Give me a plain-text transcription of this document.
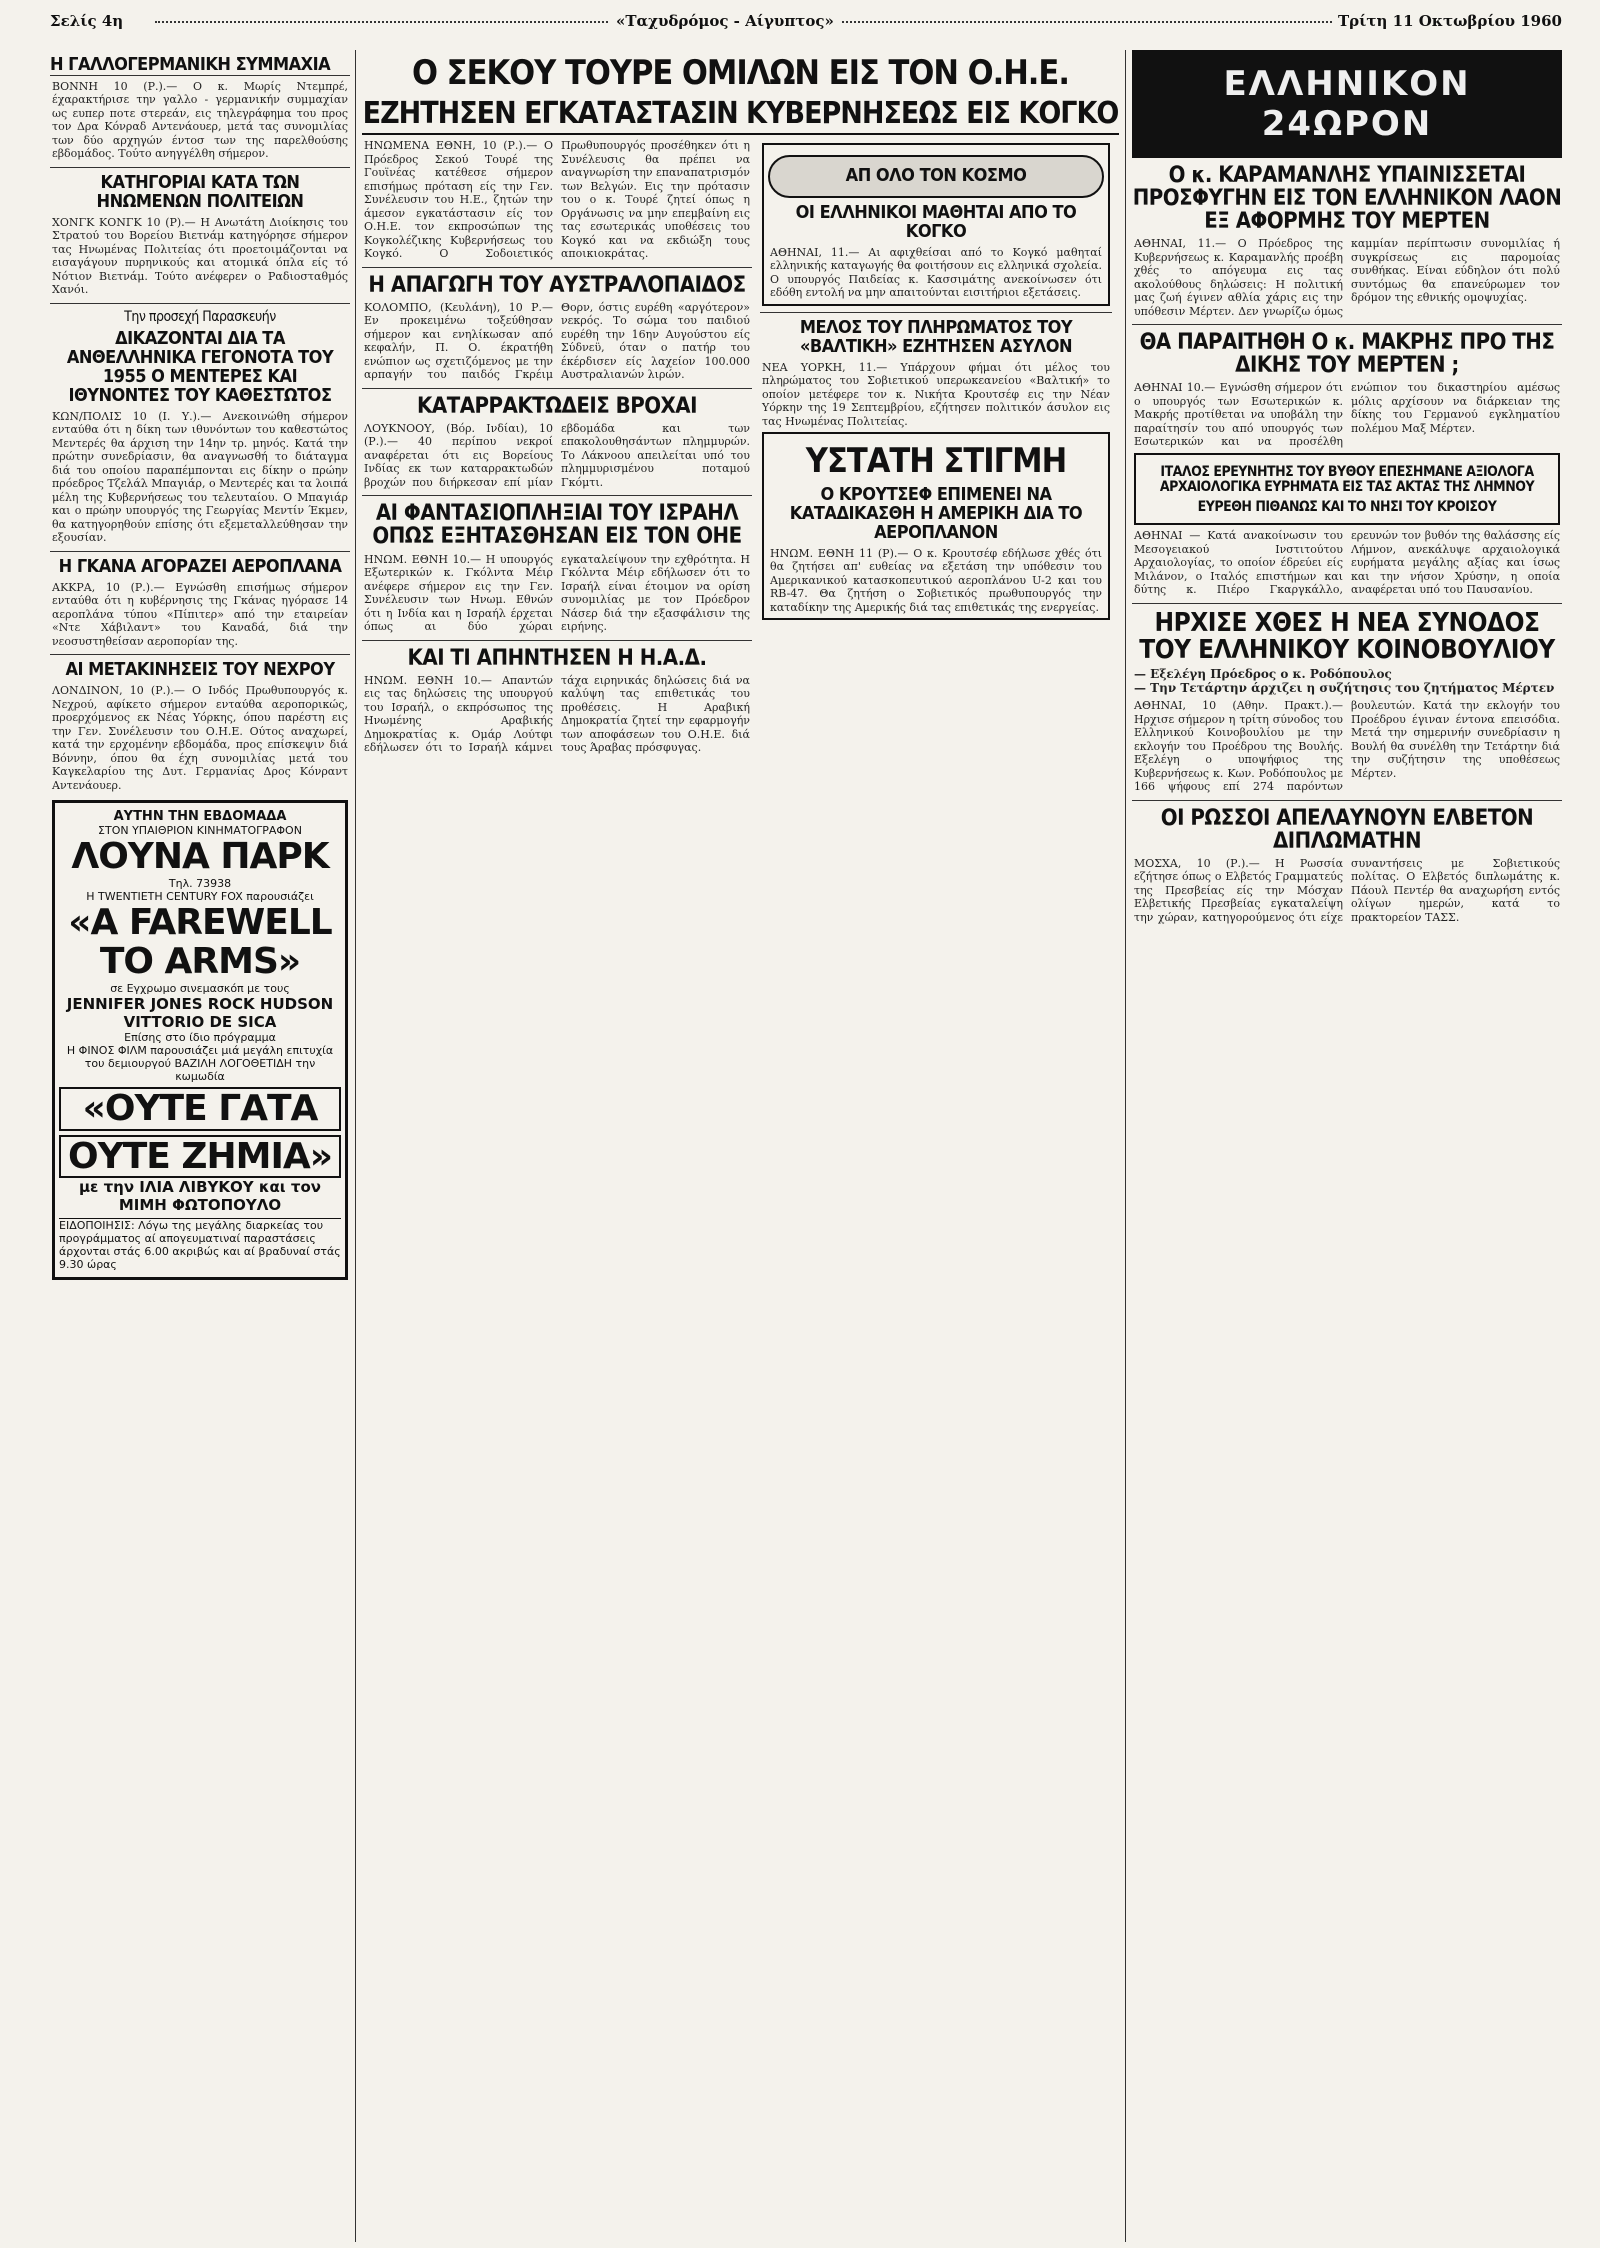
Σελίς 4η	«Ταχυδρόμος - Αίγυπτος»	Τρίτη 11 Οκτωβρίου 1960
Η ΓΑΛΛΟΓΕΡΜΑΝΙΚΗ ΣΥΜΜΑΧΙΑ

ΒΟΝΝΗ 10 (Ρ.).— Ο κ. Μωρίς Ντεμπρέ, έχαρακτήρισε την γαλλο - γερμανικήν συμμαχίαν ως ευπερ ποτε στερεάν, εις τηλεγράφημα του προς τον Δρα Κόνραδ Αντενάουερ, μετά τας συνομιλίας των δύο αρχηγών έντοσ των της παρελθούσης εβδομάδος. Τούτο ανηγγέλθη σήμερον.

ΚΑΤΗΓΟΡΙΑΙ ΚΑΤΑ ΤΩΝ ΗΝΩΜΕΝΩΝ ΠΟΛΙΤΕΙΩΝ

ΧΟΝΓΚ ΚΟΝΓΚ 10 (Ρ).— Η Ανωτάτη Διοίκησις του Στρατού του Βορείου Βιετνάμ κατηγόρησε σήμερον τας Ηνωμένας Πολιτείας ότι προετοιμάζονται να εισαγάγουν πυρηνικούς και ατομικά όπλα είς τό Νότιον Βιετνάμ. Τούτο ανέφερεν ο Ραδιοσταθμός Χανόι.

Την προσεχή Παρασκευήν
ΔΙΚΑΖΟΝΤΑΙ ΔΙΑ ΤΑ ΑΝΘΕΛΛΗΝΙΚΑ ΓΕΓΟΝΟΤΑ ΤΟΥ 1955 Ο ΜΕΝΤΕΡΕΣ ΚΑΙ ΙΘΥΝΟΝΤΕΣ ΤΟΥ ΚΑΘΕΣΤΩΤΟΣ

ΚΩΝ/ΠΟΛΙΣ 10 (Ι. Υ.).— Ανεκοινώθη σήμερον ενταύθα ότι η δίκη των ιθυνόντων του καθεστώτος Μεντερές θα άρχιση την 14ην τρ. μηνός. Κατά την πρώτην συνεδρίασιν, θα αναγνωσθή το διάταγμα διά του οποίου παραπέμπονται εις δίκην ο πρώην πρόεδρος Τζελάλ Μπαγιάρ, ο Μεντερές και τα λοιπά μέλη της Κυβερνήσεως του τελευταίου. Ο Μπαγιάρ και ο πρώην υπουργός της Γεωργίας Μεντίν Έκμεν, θα κατηγορηθούν επίσης ότι εξεμεταλλεύθησαν την εξουσίαν.

Η ΓΚΑΝΑ ΑΓΟΡΑΖΕΙ ΑΕΡΟΠΛΑΝΑ

ΑΚΚΡΑ, 10 (Ρ.).— Εγνώσθη επισήμως σήμερον ενταύθα ότι η κυβέρνησις της Γκάνας ηγόρασε 14 αεροπλάνα τύπου «Πίπιτερ» από την εταιρείαν «Ντε Χάβιλαντ» του Καναδά, διά την νεοσυστηθείσαν αεροπορίαν της.

ΑΙ ΜΕΤΑΚΙΝΗΣΕΙΣ ΤΟΥ ΝΕΧΡΟΥ

ΛΟΝΔΙΝΟΝ, 10 (Ρ.).— Ο Ινδός Πρωθυπουργός κ. Νεχρού, αφίκετο σήμερον ενταύθα αεροπορικώς, προερχόμενος εκ Νέας Υόρκης, όπου παρέστη εις την Γεν. Συνέλευσιν του Ο.Η.Ε. Ούτος αναχωρεί, κατά την ερχομένην εβδομάδα, προς επίσκεψιν διά Βόννην, όπου θα έχη συνομιλίας μετά του Καγκελαρίου της Δυτ. Γερμανίας Δρος Κόνραντ Αντενάουερ.

ΑΥΤΗΝ ΤΗΝ ΕΒΔΟΜΑΔΑ
ΣΤΟΝ ΥΠΑΙΘΡΙΟΝ ΚΙΝΗΜΑΤΟΓΡΑΦΟΝ
ΛΟΥΝΑ ΠΑΡΚ
Τηλ. 73938
Η TWENTIETH CENTURY FOX παρουσιάζει
«A FAREWELL
TO ARMS»
σε Εγχρωμο σινεμασκόπ με τους
JENNIFER JONES ROCK HUDSON VITTORIO DE SICA
Επίσης στο ίδιο πρόγραμμα
Η ΦΙΝΟΣ ΦΙΛΜ παρουσιάζει μιά μεγάλη επιτυχία του δεμιουργού ΒΑΖΙΛΗ ΛΟΓΟΘΕΤΙΔΗ την κωμωδία
«ΟΥΤΕ ΓΑΤΑ
ΟΥΤΕ ΖΗΜΙΑ»
με την ΙΛΙΑ ΛΙΒΥΚΟΥ και τον ΜΙΜΗ ΦΩΤΟΠΟΥΛΟ
ΕΙΔΟΠΟΙΗΣΙΣ: Λόγω της μεγάλης διαρκείας του προγράμματος αί απογευματιναί παραστάσεις άρχονται στάς 6.00 ακριβώς και αί βραδυναί στάς 9.30 ώρας
Ο ΣΕΚΟΥ ΤΟΥΡΕ ΟΜΙΛΩΝ ΕΙΣ ΤΟΝ Ο.Η.Ε.
ΕΖΗΤΗΣΕΝ ΕΓΚΑΤΑΣΤΑΣΙΝ ΚΥΒΕΡΝΗΣΕΩΣ ΕΙΣ ΚΟΓΚΟ

ΗΝΩΜΕΝΑ ΕΘΝΗ, 10 (Ρ.).— Ο Πρόεδρος Σεκού Τουρέ της Γουϊνέας κατέθεσε σήμερον επισήμως πρόταση είς την Γεν. Συνέλευσιν του Η.Ε., ζητών την άμεσον εγκατάστασιν είς τον Ο.Η.Ε. τον εκπροσώπων της Κογκολέζικης Κυβερνήσεως του Κογκό. Ο Σοδοιετικός Πρωθυπουργός προσέθηκεν ότι η Συνέλευσις θα πρέπει να αναγνωρίση την επαναπατρισμόν των Βελγών. Εις την πρότασιν του ο κ. Τουρέ ζητεί όπως η Οργάνωσις να μην επεμβαίνη εις τας εσωτερικάς υποθέσεις του Κογκό και να εκδιώξη τους αποικιοκράτας.

Η ΑΠΑΓΩΓΗ ΤΟΥ ΑΥΣΤΡΑΛΟΠΑΙΔΟΣ

ΚΟΛΟΜΠΟ, (Κευλάνη), 10 Ρ.— Εν προκειμένω τοξεύθησαν σήμερον και ενηλίκωσαν από κεφαλήν, Π. Ο. έκρατήθη ενώπιον ως σχετιζόμενος με την αρπαγήν του παιδός Γκρέιμ Θορν, όστις ευρέθη «αργότερον» νεκρός. Το σώμα του παιδιού ευρέθη την 16ην Αυγούστου είς Σύδνεϋ, όταν ο πατήρ του έκέρδισεν είς λαχείον 100.000 Αυστραλιανών λιρών.

ΚΑΤΑΡΡΑΚΤΩΔΕΙΣ ΒΡΟΧΑΙ

ΛΟΥΚΝΟΟΥ, (Βόρ. Ινδίαι), 10 (Ρ.).— 40 περίπου νεκροί αναφέρεται ότι εις Βορείους Ινδίας εκ των καταρρακτωδών βροχών που διήρκεσαν επί μίαν εβδομάδα και των επακολουθησάντων πλημμυρών. Το Λάκνοου απειλείται υπό του πλημμυρισμένου ποταμού Γκόμτι.

ΑΙ ΦΑΝΤΑΣΙΟΠΛΗΞΙΑΙ ΤΟΥ ΙΣΡΑΗΛ ΟΠΩΣ ΕΞΗΤΑΣΘΗΣΑΝ ΕΙΣ ΤΟΝ ΟΗΕ

ΗΝΩΜ. ΕΘΝΗ 10.— Η υπουργός Εξωτερικών κ. Γκόλντα Μέιρ ανέφερε σήμερον εις την Γεν. Συνέλευσιν των Ηνωμ. Εθνών ότι η Ινδία και η Ισραήλ έρχεται όπως αι δύο χώραι εγκαταλείψουν την εχθρότητα. Η Γκόλντα Μέιρ εδήλωσεν ότι το Ισραήλ είναι έτοιμον να ορίση συνομιλίας με τον Πρόεδρον Νάσερ διά την εξασφάλισιν της ειρήνης.

ΚΑΙ ΤΙ ΑΠΗΝΤΗΣΕΝ Η Η.Α.Δ.

ΗΝΩΜ. ΕΘΝΗ 10.— Απαντών εις τας δηλώσεις της υπουργού του Ισραήλ, ο εκπρόσωπος της Ηνωμένης Αραβικής Δημοκρατίας κ. Ομάρ Λούτφι εδήλωσεν ότι το Ισραήλ κάμνει τάχα ειρηνικάς δηλώσεις διά να καλύψη τας επιθετικάς του προθέσεις. Η Αραβική Δημοκρατία ζητεί την εφαρμογήν των αποφάσεων του Ο.Η.Ε. διά τους Άραβας πρόσφυγας.

ΑΠ ΟΛΟ ΤΟΝ ΚΟΣΜΟ
ΟΙ ΕΛΛΗΝΙΚΟΙ ΜΑΘΗΤΑΙ ΑΠΟ ΤΟ ΚΟΓΚΟ

ΑΘΗΝΑΙ, 11.— Αι αφιχθείσαι από το Κογκό μαθηταί ελληνικής καταγωγής θα φοιτήσουν εις ελληνικά σχολεία. Ο υπουργός Παιδείας κ. Κασσιμάτης ανεκοίνωσεν ότι εδόθη εντολή να μην απαιτούνται εισιτήριοι εξετάσεις.

ΜΕΛΟΣ ΤΟΥ ΠΛΗΡΩΜΑΤΟΣ ΤΟΥ «ΒΑΛΤΙΚΗ» ΕΖΗΤΗΣΕΝ ΑΣΥΛΟΝ

ΝΕΑ ΥΟΡΚΗ, 11.— Υπάρχουν φήμαι ότι μέλος του πληρώματος του Σοβιετικού υπερωκεανείου «Βαλτική» το οποίον μετέφερε τον κ. Νικήτα Κρουτσέφ εις την Νέαν Υόρκην της 19 Σεπτεμβρίου, εζήτησεν πολιτικόν άσυλον εις τας Ηνωμένας Πολιτείας.

ΥΣΤΑΤΗ ΣΤΙΓΜΗ
Ο ΚΡΟΥΤΣΕΦ ΕΠΙΜΕΝΕΙ ΝΑ ΚΑΤΑΔΙΚΑΣΘΗ Η ΑΜΕΡΙΚΗ ΔΙΑ ΤΟ ΑΕΡΟΠΛΑΝΟΝ

ΗΝΩΜ. ΕΘΝΗ 11 (Ρ).— Ο κ. Κρουτσέφ εδήλωσε χθές ότι θα ζητήσει απ' ευθείας να εξετάση την υπόθεσιν του Αμερικανικού κατασκοπευτικού αεροπλάνου U-2 και του RB-47. Θα ζητήση ο Σοβιετικός πρωθυπουργός την καταδίκην της Αμερικής διά τας επιθετικάς της ενεργείας.

ΕΛΛΗΝΙΚΟΝ 24ΩΡΟΝ
Ο κ. ΚΑΡΑΜΑΝΛΗΣ ΥΠΑΙΝΙΣΣΕΤΑΙ ΠΡΟΣΦΥΓΗΝ ΕΙΣ ΤΟΝ ΕΛΛΗΝΙΚΟΝ ΛΑΟΝ ΕΞ ΑΦΟΡΜΗΣ ΤΟΥ ΜΕΡΤΕΝ

ΑΘΗΝΑΙ, 11.— Ο Πρόεδρος της Κυβερνήσεως κ. Καραμανλής προέβη χθές το απόγευμα εις τας ακολούθους δηλώσεις: Η πολιτική μας ζωή έγινεν αθλία χάρις εις την υπόθεσιν Μέρτεν. Δεν γνωρίζω όμως καμμίαν περίπτωσιν συνομιλίας ή συγκρίσεως εις παρομοίας συνθήκας. Είναι εύδηλον ότι πολύ συντόμως θα επανεύρωμεν τον δρόμον της εθνικής ομοψυχίας.

ΘΑ ΠΑΡΑΙΤΗΘΗ Ο κ. ΜΑΚΡΗΣ ΠΡΟ ΤΗΣ ΔΙΚΗΣ ΤΟΥ ΜΕΡΤΕΝ ;

ΑΘΗΝΑΙ 10.— Εγνώσθη σήμερον ότι ο υπουργός των Εσωτερικών κ. Μακρής προτίθεται να υποβάλη την παραίτησίν του από υπουργός των Εσωτερικών και να προσέλθη ενώπιον του δικαστηρίου αμέσως μόλις αρχίσουν να διάρκειαν της δίκης του Γερμανού εγκληματίου πολέμου Μαξ Μέρτεν.

ΙΤΑΛΟΣ ΕΡΕΥΝΗΤΗΣ ΤΟΥ ΒΥΘΟΥ ΕΠΕΣΗΜΑΝΕ ΑΞΙΟΛΟΓΑ ΑΡΧΑΙΟΛΟΓΙΚΑ ΕΥΡΗΜΑΤΑ ΕΙΣ ΤΑΣ ΑΚΤΑΣ ΤΗΣ ΛΗΜΝΟΥ
ΕΥΡΕΘΗ ΠΙΘΑΝΩΣ ΚΑΙ ΤΟ ΝΗΣΙ ΤΟΥ ΚΡΟΙΣΟΥ

ΑΘΗΝΑΙ — Κατά ανακοίνωσιν του Μεσογειακού Ινστιτούτου Αρχαιολογίας, το οποίον έδρεύει είς Μιλάνον, ο Ιταλός επιστήμων και δύτης κ. Πιέρο Γκαργκάλλο, ερευνών τον βυθόν της θαλάσσης είς Λήμνον, ανεκάλυψε αρχαιολογικά ευρήματα μεγάλης αξίας και ίσως και την νήσον Χρύσην, η οποία αναφέρεται υπό του Παυσανίου.

ΗΡΧΙΣΕ ΧΘΕΣ Η ΝΕΑ ΣΥΝΟΔΟΣ ΤΟΥ ΕΛΛΗΝΙΚΟΥ ΚΟΙΝΟΒΟΥΛΙΟΥ
— Εξελέγη Πρόεδρος ο κ. Ροδόπουλος
— Την Τετάρτην άρχιζει η συζήτησις του ζητήματος Μέρτεν

ΑΘΗΝΑΙ, 10 (Αθην. Πρακτ.).— Ηρχισε σήμερον η τρίτη σύνοδος του Ελληνικού Κοινοβουλίου με την εκλογήν του Προέδρου της Βουλής. Εξελέγη ο υποψήφιος της Κυβερνήσεως κ. Κων. Ροδόπουλος με 166 ψήφους επί 274 παρόντων βουλευτών. Κατά την εκλογήν του Προέδρου έγιναν έντονα επεισόδια. Μετά την σημερινήν συνεδρίασιν η Βουλή θα συνέλθη την Τετάρτην διά την συζήτησιν της υποθέσεως Μέρτεν.

ΟΙ ΡΩΣΣΟΙ ΑΠΕΛΑΥΝΟΥΝ ΕΛΒΕΤΟΝ ΔΙΠΛΩΜΑΤΗΝ

ΜΟΣΧΑ, 10 (Ρ.).— Η Ρωσσία εζήτησε όπως ο Ελβετός Γραμματεύς της Πρεσβείας είς την Μόσχαν Ελβετικής Πρεσβείας εγκαταλείψη την χώραν, κατηγορούμενος ότι είχε συναντήσεις με Σοβιετικούς πολίτας. Ο Ελβετός διπλωμάτης κ. Πάουλ Πεντέρ θα αναχωρήση εντός ολίγων ημερών, κατά το πρακτορείον ΤΑΣΣ.
